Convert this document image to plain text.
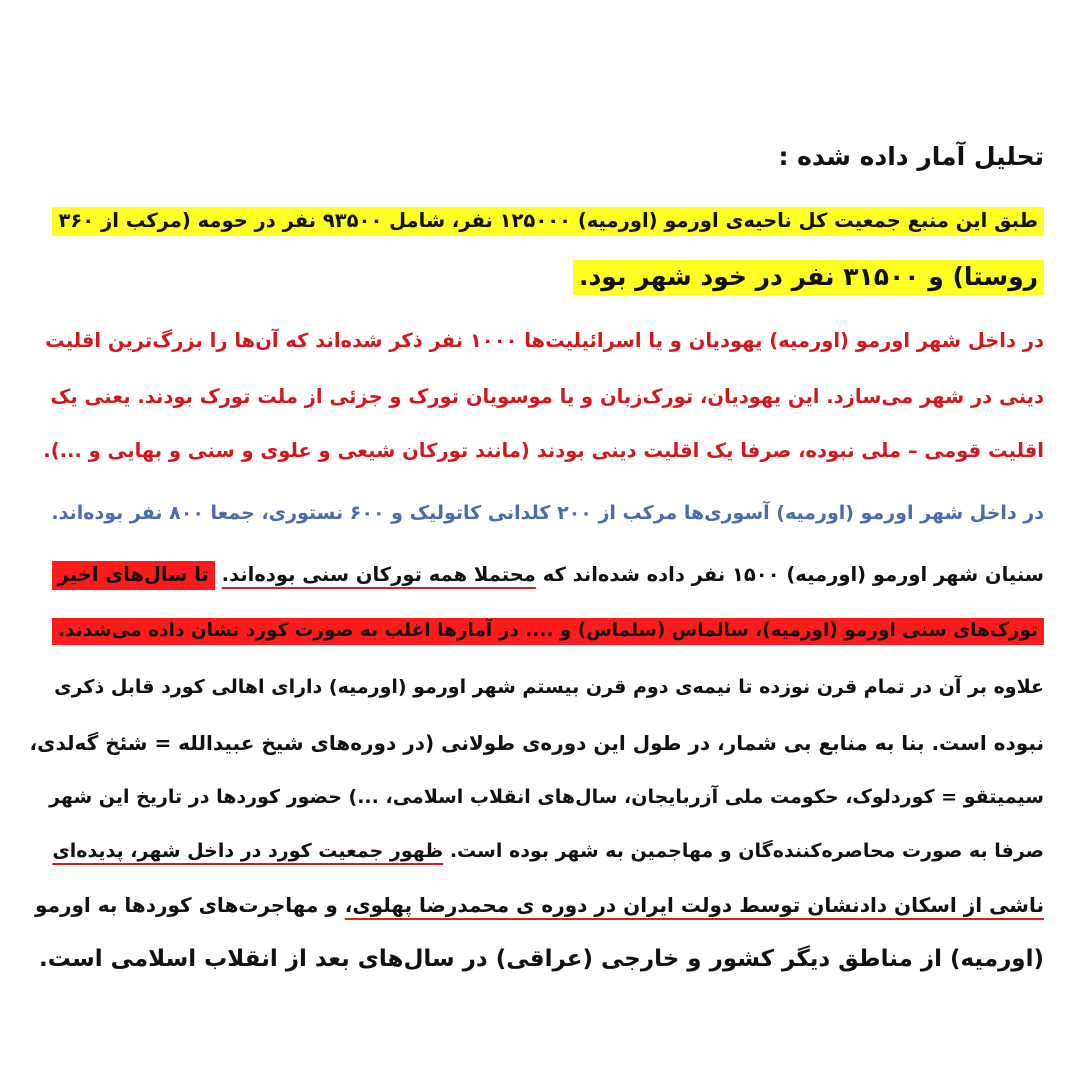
تحلیل آمار داده شده :
طبق این منبع جمعیت کل ناحیه‌ی اورمو (اورمیه) ۱۲۵۰۰۰ نفر، شامل ۹۳۵۰۰ نفر در حومه (مرکب از ۳۶۰
روستا) و ۳۱۵۰۰ نفر در خود شهر بود.
در داخل شهر اورمو (اورمیه) یهودیان و یا اسرائیلیت‌ها ۱۰۰۰ نفر ذکر شده‌اند که آن‌ها را بزرگ‌ترین اقلیت
دینی در شهر می‌سازد. این یهودیان، تورک‌زبان و یا موسویان تورک و جزئی از ملت تورک بودند. یعنی یک
اقلیت قومی – ملی نبوده، صرفا یک اقلیت دینی بودند (مانند تورکان شیعی و علوی و سنی و بهایی و ...).
در داخل شهر اورمو (اورمیه) آسوری‌ها مرکب از ۲۰۰ کلدانی کاتولیک و ۶۰۰ نستوری، جمعا ۸۰۰ نفر بوده‌اند.
سنیان شهر اورمو (اورمیه) ۱۵۰۰ نفر داده شده‌اند که محتملا همه تورکان سنی بوده‌اند. تا سال‌های اخیر
تورک‌های سنی اورمو (اورمیه)، سالماس (سلماس) و .... در آمارها اغلب به صورت کورد نشان داده می‌شدند.
علاوه بر آن در تمام قرن نوزده تا نیمه‌ی دوم قرن بیستم شهر اورمو (اورمیه) دارای اهالی کورد قابل ذکری
نبوده است. بنا به منابع بی شمار، در طول این دوره‌ی طولانی (در دوره‌های شیخ عبیدالله = شئخ گه‌لدی،
سیمیتقو = کوردلوک، حکومت ملی آزربایجان، سال‌های انقلاب اسلامی، ...) حضور کوردها در تاریخ این شهر
صرفا به صورت محاصره‌کننده‌گان و مهاجمین به شهر بوده است. ظهور جمعیت کورد در داخل شهر، پدیده‌ای
ناشی از اسکان دادنشان توسط دولت ایران در دوره ی محمدرضا پهلوی، و مهاجرت‌های کوردها به اورمو
(اورمیه) از مناطق دیگر کشور و خارجی (عراقی) در سال‌های بعد از انقلاب اسلامی است.
